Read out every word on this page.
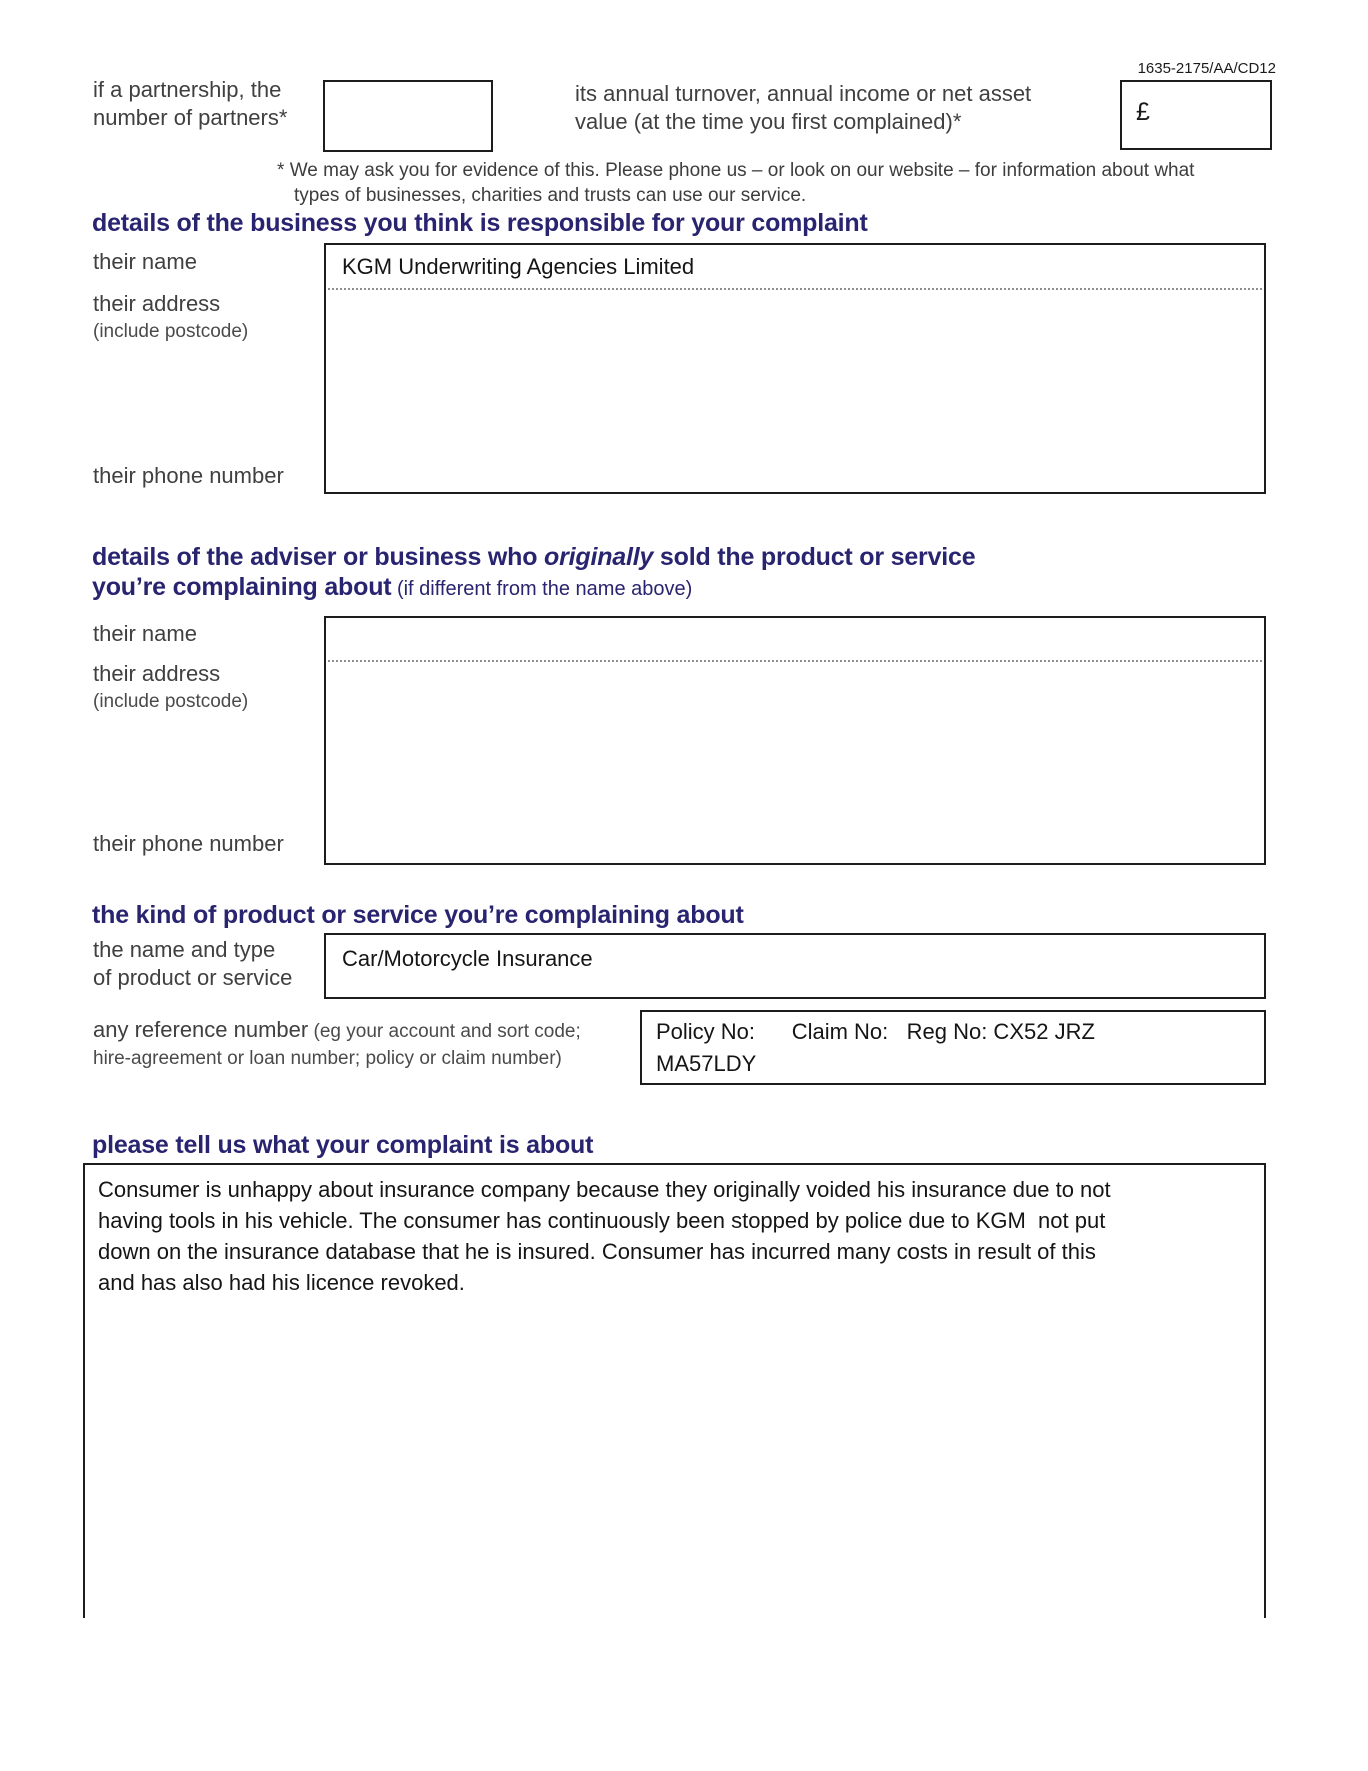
1635-2175/AA/CD12
if a partnership, the
number of partners*
its annual turnover, annual income or net asset
value (at the time you first complained)*	£
* We may ask you for evidence of this. Please phone us – or look on our website – for information about what
types of businesses, charities and trusts can use our service.
details of the business you think is responsible for your complaint
their name
their address
(include postcode)
their phone number
KGM Underwriting Agencies Limited
details of the adviser or business who originally sold the product or service
you’re complaining about (if different from the name above)
their name
their address
(include postcode)
their phone number
the kind of product or service you’re complaining about
the name and type
of product or service
Car/Motorcycle Insurance
any reference number (eg your account and sort code;
hire-agreement or loan number; policy or claim number)
Policy No:      Claim No:   Reg No: CX52 JRZ
MA57LDY
please tell us what your complaint is about
Consumer is unhappy about insurance company because they originally voided his insurance due to not
having tools in his vehicle. The consumer has continuously been stopped by police due to KGM  not put
down on the insurance database that he is insured. Consumer has incurred many costs in result of this
and has also had his licence revoked.
